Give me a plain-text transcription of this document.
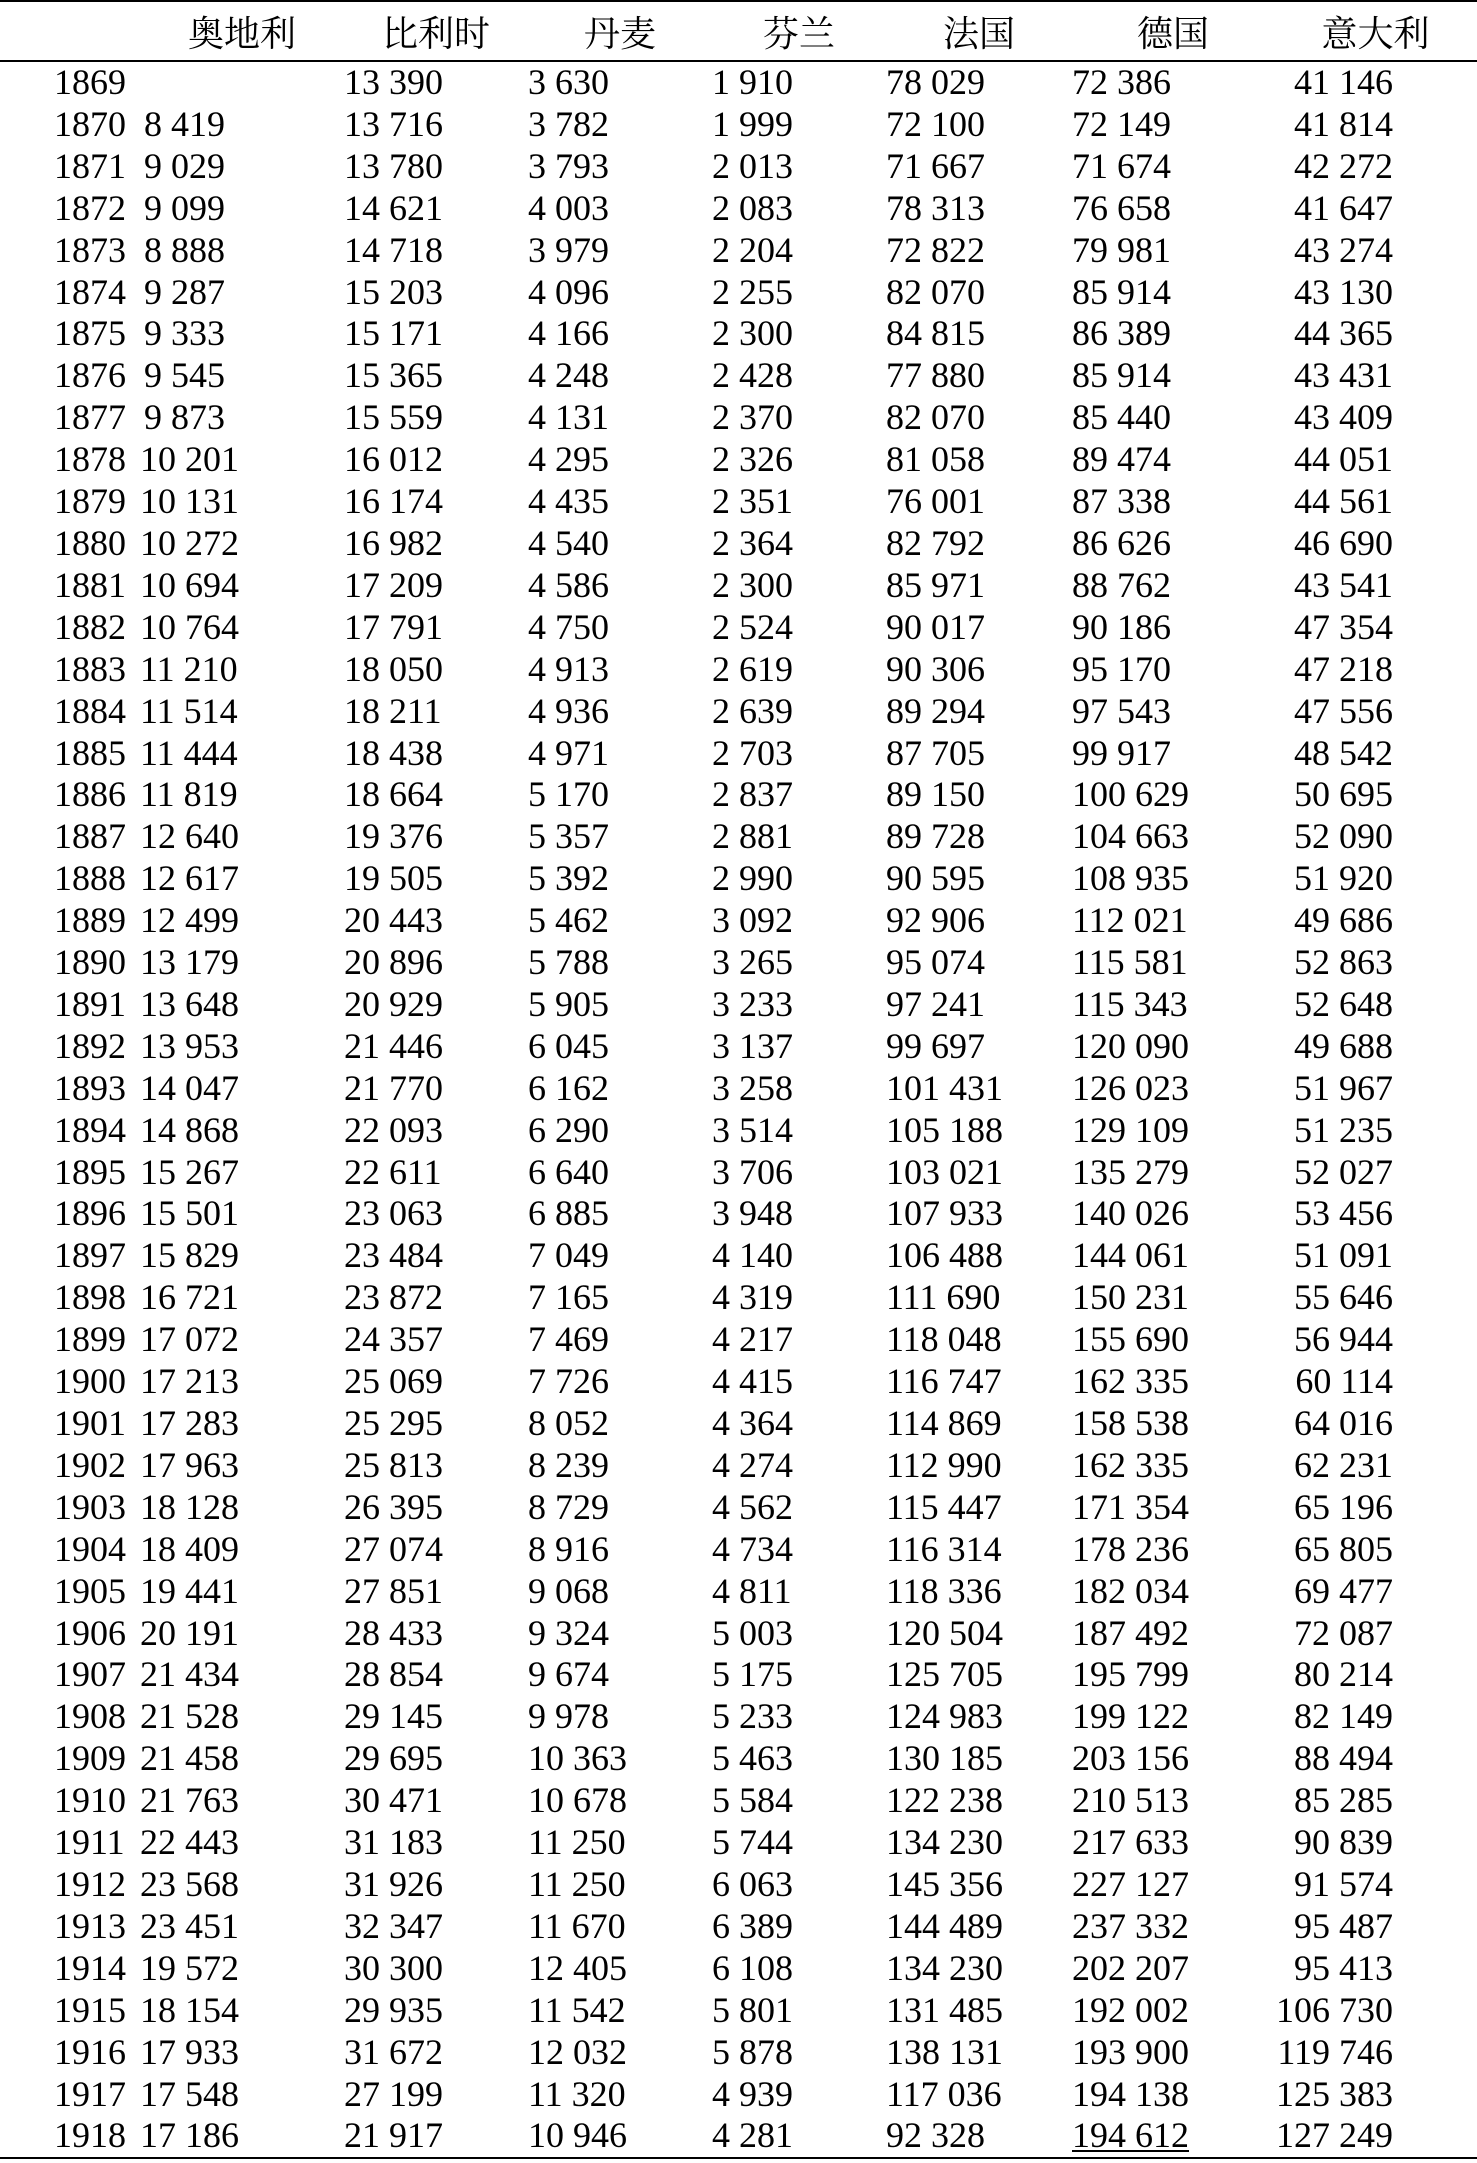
	奥地利	比利时	丹麦	芬兰	法国	德国	意大利
1869		13 390	3 630	1 910	78 029	72 386	41 146
1870	8 419	13 716	3 782	1 999	72 100	72 149	41 814
1871	9 029	13 780	3 793	2 013	71 667	71 674	42 272
1872	9 099	14 621	4 003	2 083	78 313	76 658	41 647
1873	8 888	14 718	3 979	2 204	72 822	79 981	43 274
1874	9 287	15 203	4 096	2 255	82 070	85 914	43 130
1875	9 333	15 171	4 166	2 300	84 815	86 389	44 365
1876	9 545	15 365	4 248	2 428	77 880	85 914	43 431
1877	9 873	15 559	4 131	2 370	82 070	85 440	43 409
1878	10 201	16 012	4 295	2 326	81 058	89 474	44 051
1879	10 131	16 174	4 435	2 351	76 001	87 338	44 561
1880	10 272	16 982	4 540	2 364	82 792	86 626	46 690
1881	10 694	17 209	4 586	2 300	85 971	88 762	43 541
1882	10 764	17 791	4 750	2 524	90 017	90 186	47 354
1883	11 210	18 050	4 913	2 619	90 306	95 170	47 218
1884	11 514	18 211	4 936	2 639	89 294	97 543	47 556
1885	11 444	18 438	4 971	2 703	87 705	99 917	48 542
1886	11 819	18 664	5 170	2 837	89 150	100 629	50 695
1887	12 640	19 376	5 357	2 881	89 728	104 663	52 090
1888	12 617	19 505	5 392	2 990	90 595	108 935	51 920
1889	12 499	20 443	5 462	3 092	92 906	112 021	49 686
1890	13 179	20 896	5 788	3 265	95 074	115 581	52 863
1891	13 648	20 929	5 905	3 233	97 241	115 343	52 648
1892	13 953	21 446	6 045	3 137	99 697	120 090	49 688
1893	14 047	21 770	6 162	3 258	101 431	126 023	51 967
1894	14 868	22 093	6 290	3 514	105 188	129 109	51 235
1895	15 267	22 611	6 640	3 706	103 021	135 279	52 027
1896	15 501	23 063	6 885	3 948	107 933	140 026	53 456
1897	15 829	23 484	7 049	4 140	106 488	144 061	51 091
1898	16 721	23 872	7 165	4 319	111 690	150 231	55 646
1899	17 072	24 357	7 469	4 217	118 048	155 690	56 944
1900	17 213	25 069	7 726	4 415	116 747	162 335	60 114
1901	17 283	25 295	8 052	4 364	114 869	158 538	64 016
1902	17 963	25 813	8 239	4 274	112 990	162 335	62 231
1903	18 128	26 395	8 729	4 562	115 447	171 354	65 196
1904	18 409	27 074	8 916	4 734	116 314	178 236	65 805
1905	19 441	27 851	9 068	4 811	118 336	182 034	69 477
1906	20 191	28 433	9 324	5 003	120 504	187 492	72 087
1907	21 434	28 854	9 674	5 175	125 705	195 799	80 214
1908	21 528	29 145	9 978	5 233	124 983	199 122	82 149
1909	21 458	29 695	10 363	5 463	130 185	203 156	88 494
1910	21 763	30 471	10 678	5 584	122 238	210 513	85 285
1911	22 443	31 183	11 250	5 744	134 230	217 633	90 839
1912	23 568	31 926	11 250	6 063	145 356	227 127	91 574
1913	23 451	32 347	11 670	6 389	144 489	237 332	95 487
1914	19 572	30 300	12 405	6 108	134 230	202 207	95 413
1915	18 154	29 935	11 542	5 801	131 485	192 002	106 730
1916	17 933	31 672	12 032	5 878	138 131	193 900	119 746
1917	17 548	27 199	11 320	4 939	117 036	194 138	125 383
1918	17 186	21 917	10 946	4 281	92 328	194 612	127 249
